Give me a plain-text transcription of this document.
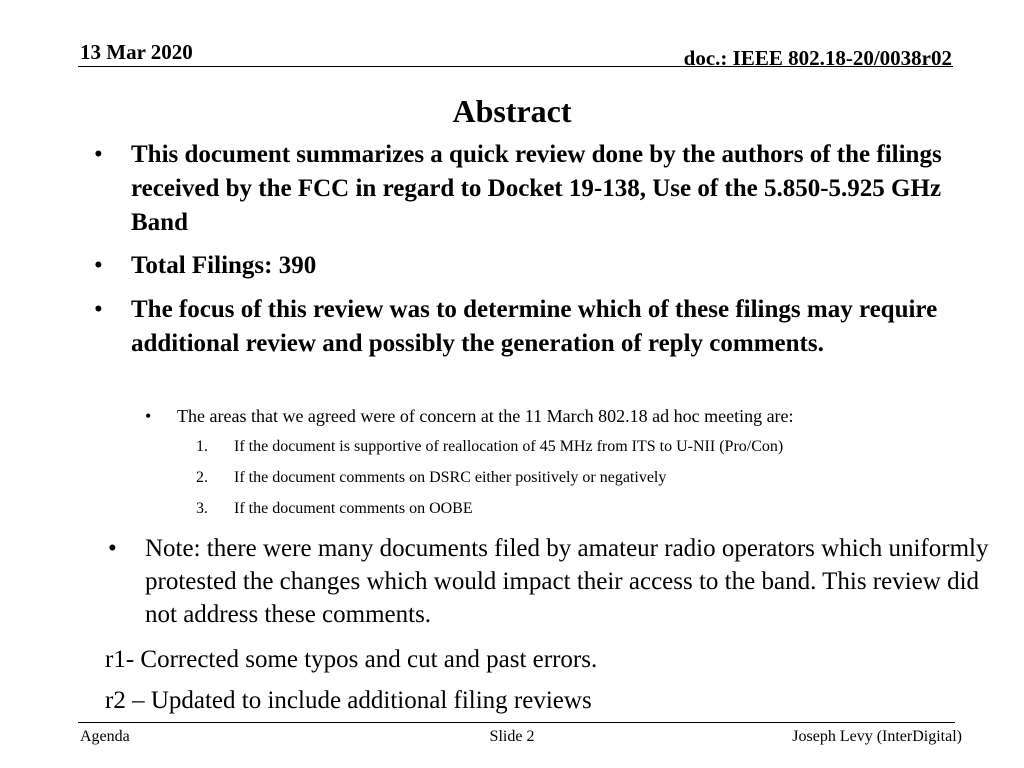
13 Mar 2020	doc.: IEEE 802.18-20/0038r02
Abstract
• This document summarizes a quick review done by the authors of the filings received by the FCC in regard to Docket 19-138, Use of the 5.850-5.925 GHz Band
• Total Filings: 390
• The focus of this review was to determine which of these filings may require additional review and possibly the generation of reply comments.
• The areas that we agreed were of concern at the 11 March 802.18 ad hoc meeting are:
1. If the document is supportive of reallocation of 45 MHz from ITS to U-NII (Pro/Con)
2. If the document comments on DSRC either positively or negatively
3. If the document comments on OOBE
• Note: there were many documents filed by amateur radio operators which uniformly protested the changes which would impact their access to the band. This review did not address these comments.
r1- Corrected some typos and cut and past errors.
r2 – Updated to include additional filing reviews
Agenda	Slide 2	Joseph Levy (InterDigital)
